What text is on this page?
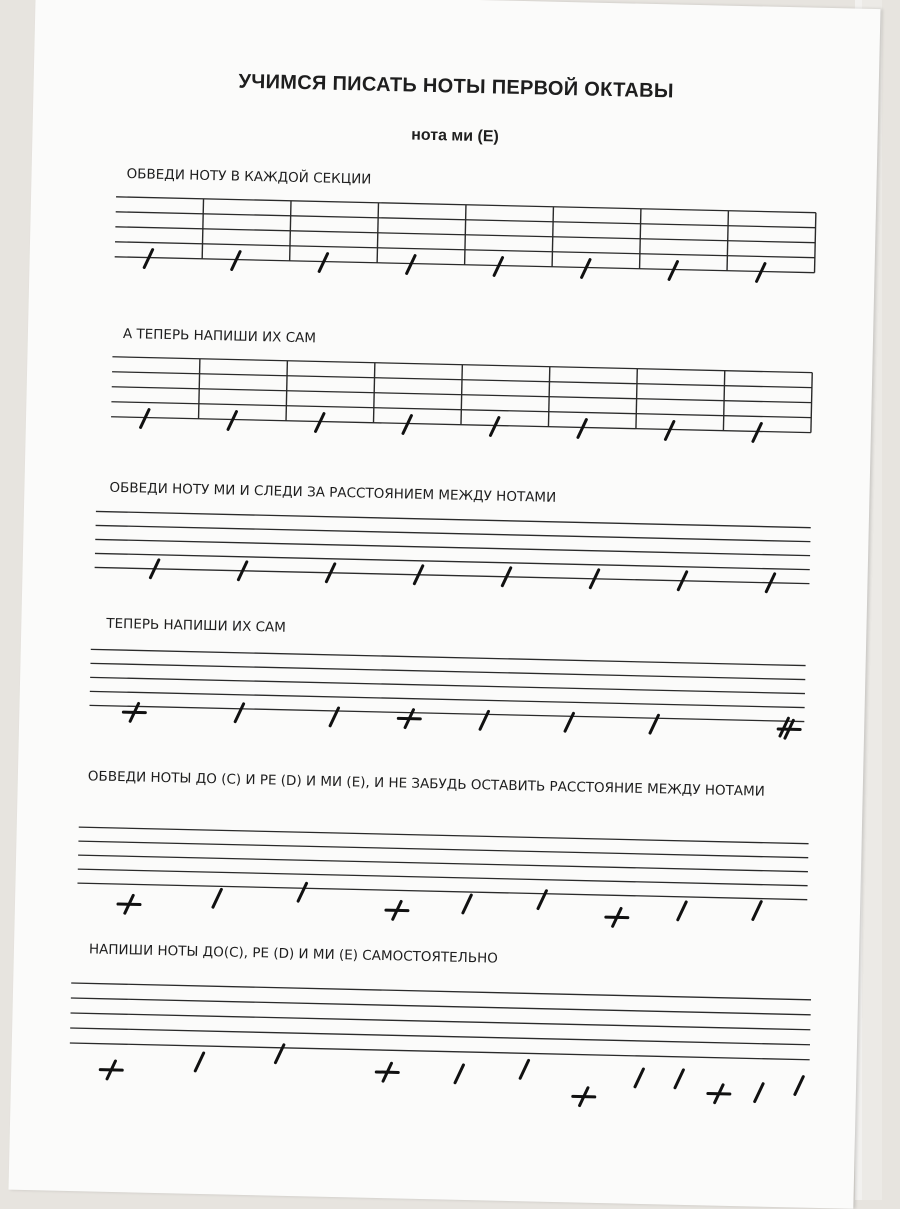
УЧИМСЯ ПИСАТЬ НОТЫ ПЕРВОЙ ОКТАВЫ
нота ми (E)
ОБВЕДИ НОТУ В КАЖДОЙ СЕКЦИИ
А ТЕПЕРЬ НАПИШИ ИХ САМ
ОБВЕДИ НОТУ МИ И СЛЕДИ ЗА РАССТОЯНИЕМ МЕЖДУ НОТАМИ
ТЕПЕРЬ НАПИШИ ИХ САМ
ОБВЕДИ НОТЫ ДО (C) И РЕ (D) И МИ (E), И НЕ ЗАБУДЬ ОСТАВИТЬ РАССТОЯНИЕ МЕЖДУ НОТАМИ
НАПИШИ НОТЫ ДО(C), РЕ (D) И МИ (E) САМОСТОЯТЕЛЬНО
